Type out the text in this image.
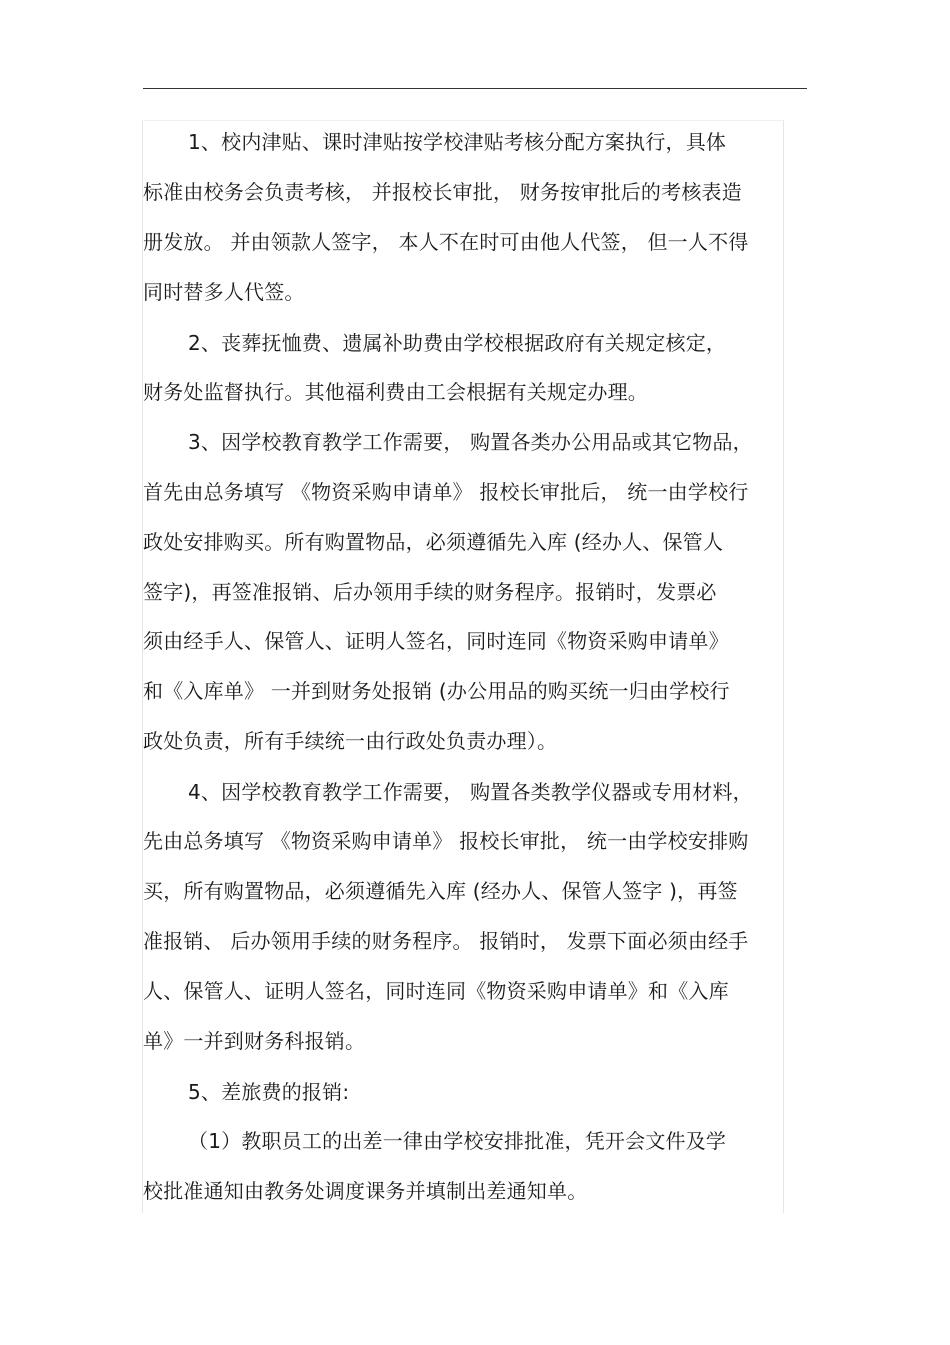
1、校内津贴、课时津贴按学校津贴考核分配方案执行，具体
标准由校务会负责考核， 并报校长审批， 财务按审批后的考核表造
册发放。 并由领款人签字， 本人不在时可由他人代签， 但一人不得
同时替多人代签。
2、丧葬抚恤费、遗属补助费由学校根据政府有关规定核定，
财务处监督执行。其他福利费由工会根据有关规定办理。
3、因学校教育教学工作需要， 购置各类办公用品或其它物品，
首先由总务填写 《物资采购申请单》 报校长审批后， 统一由学校行
政处安排购买。所有购置物品，必须遵循先入库 (经办人、保管人
签字)，再签准报销、后办领用手续的财务程序。报销时，发票必
须由经手人、保管人、证明人签名，同时连同《物资采购申请单》
和《入库单》 一并到财务处报销 (办公用品的购买统一归由学校行
政处负责，所有手续统一由行政处负责办理）。
4、因学校教育教学工作需要， 购置各类教学仪器或专用材料，
先由总务填写 《物资采购申请单》 报校长审批， 统一由学校安排购
买，所有购置物品，必须遵循先入库 (经办人、保管人签字 )，再签
准报销、 后办领用手续的财务程序。 报销时， 发票下面必须由经手
人、保管人、证明人签名，同时连同《物资采购申请单》和《入库
单》一并到财务科报销。
5、差旅费的报销:
（1）教职员工的出差一律由学校安排批准，凭开会文件及学
校批准通知由教务处调度课务并填制出差通知单。
